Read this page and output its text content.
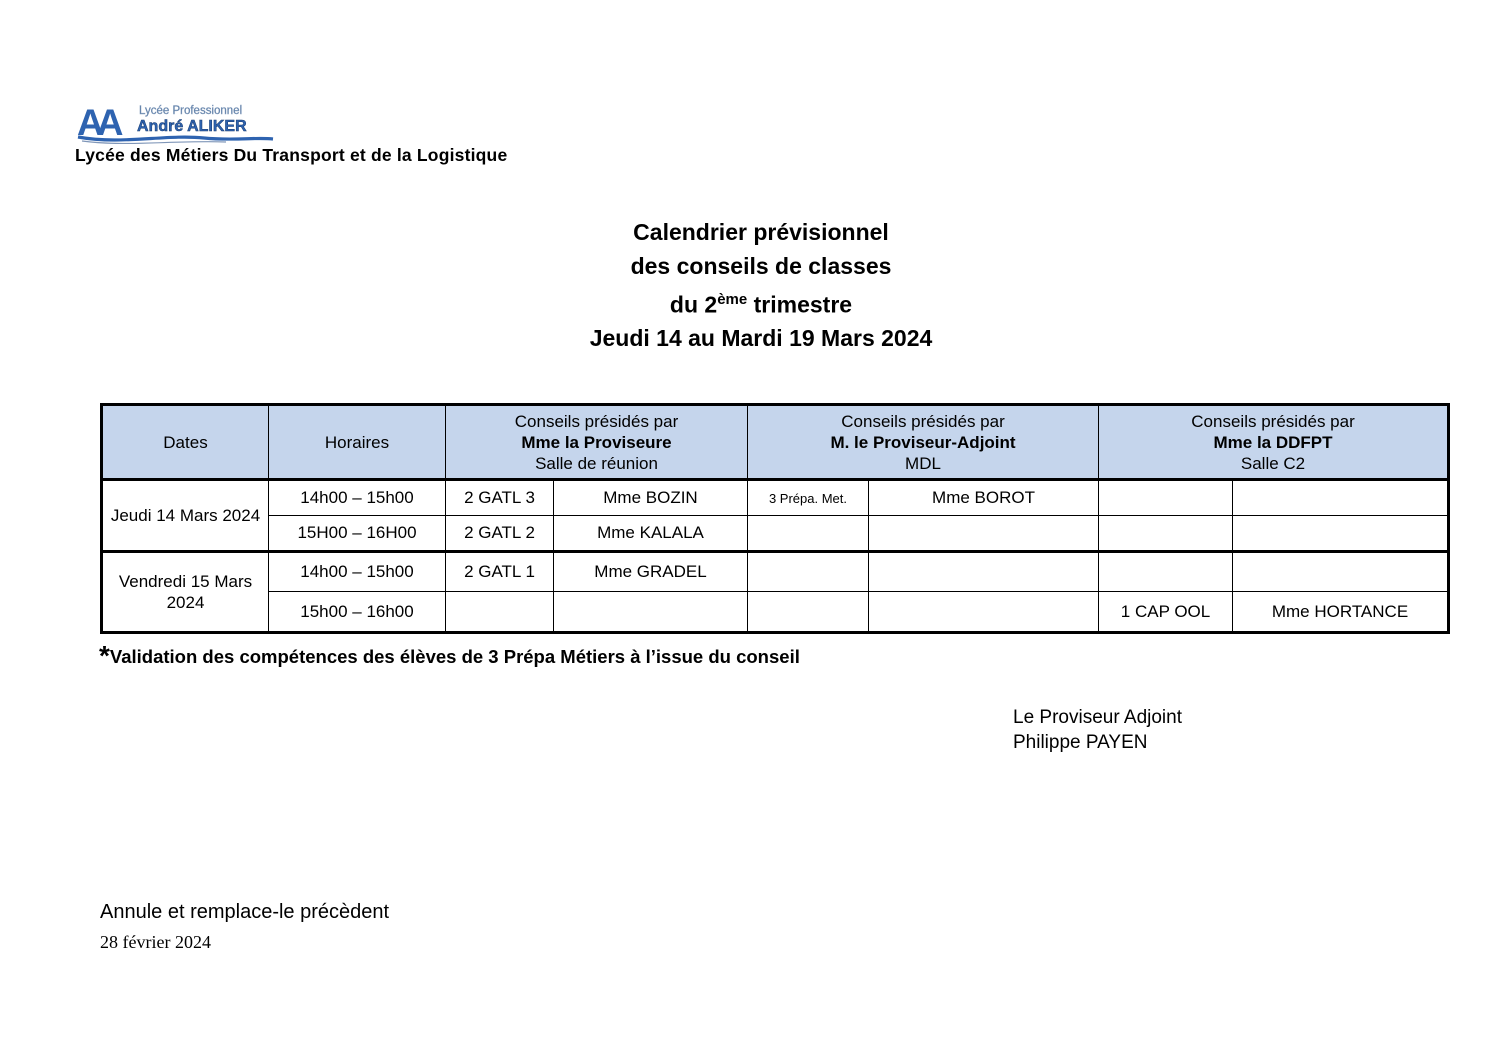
AA	Lycée Professionnel
André ALIKER
Lycée des Métiers Du Transport et de la Logistique
Calendrier prévisionnel
des conseils de classes
du 2ème trimestre
Jeudi 14 au Mardi 19 Mars 2024
Dates	Horaires	
Conseils présidés par
Mme la Proviseure
Salle de réunion

Conseils présidés par
M. le Proviseur-Adjoint
MDL

Conseils présidés par
Mme la DDFPT
Salle C2

Jeudi 14 Mars 2024	14h00 – 15h00	2 GATL 3	Mme BOZIN	3 Prépa. Met.	Mme BOROT		
	15H00 – 16H00	2 GATL 2	Mme KALALA				
Vendredi 15 Mars 2024	14h00 – 15h00	2 GATL 1	Mme GRADEL				
	15h00 – 16h00					1 CAP OOL	Mme HORTANCE
*Validation des compétences des élèves de 3 Prépa Métiers à l’issue du conseil
Le Proviseur Adjoint
Philippe PAYEN
Annule et remplace-le précèdent
28 février 2024
